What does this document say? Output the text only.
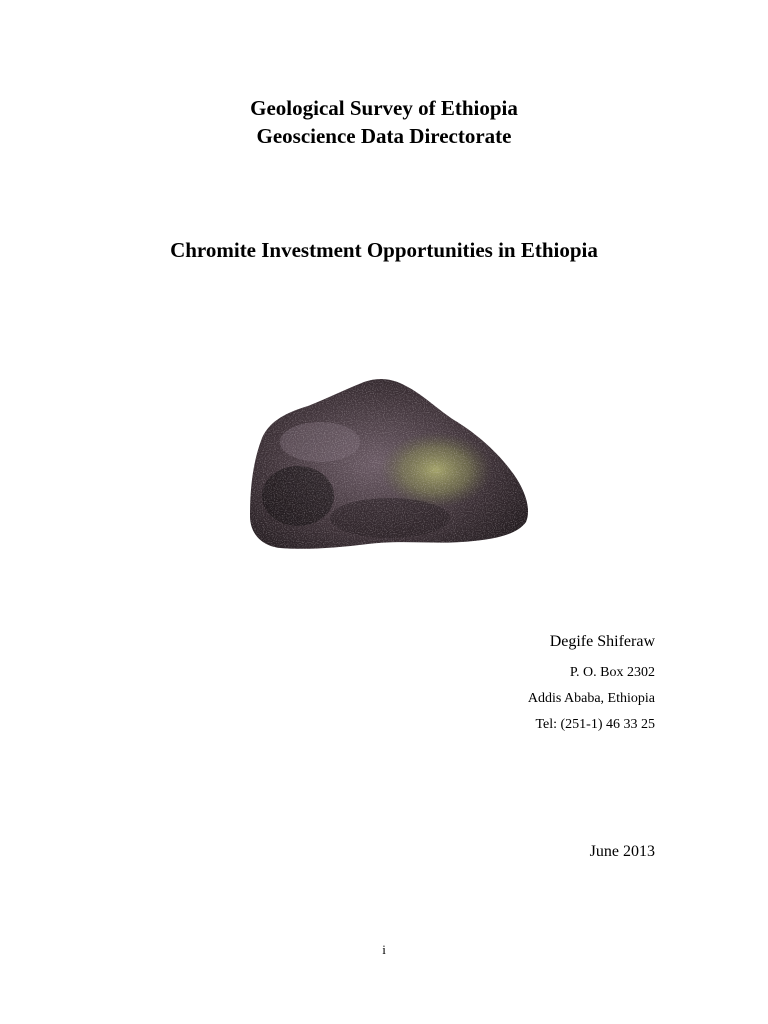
Geological Survey of Ethiopia
Geoscience Data Directorate
Chromite Investment Opportunities in Ethiopia
Degife Shiferaw
P. O. Box 2302
Addis Ababa, Ethiopia
Tel: (251-1) 46 33 25
June 2013
i
